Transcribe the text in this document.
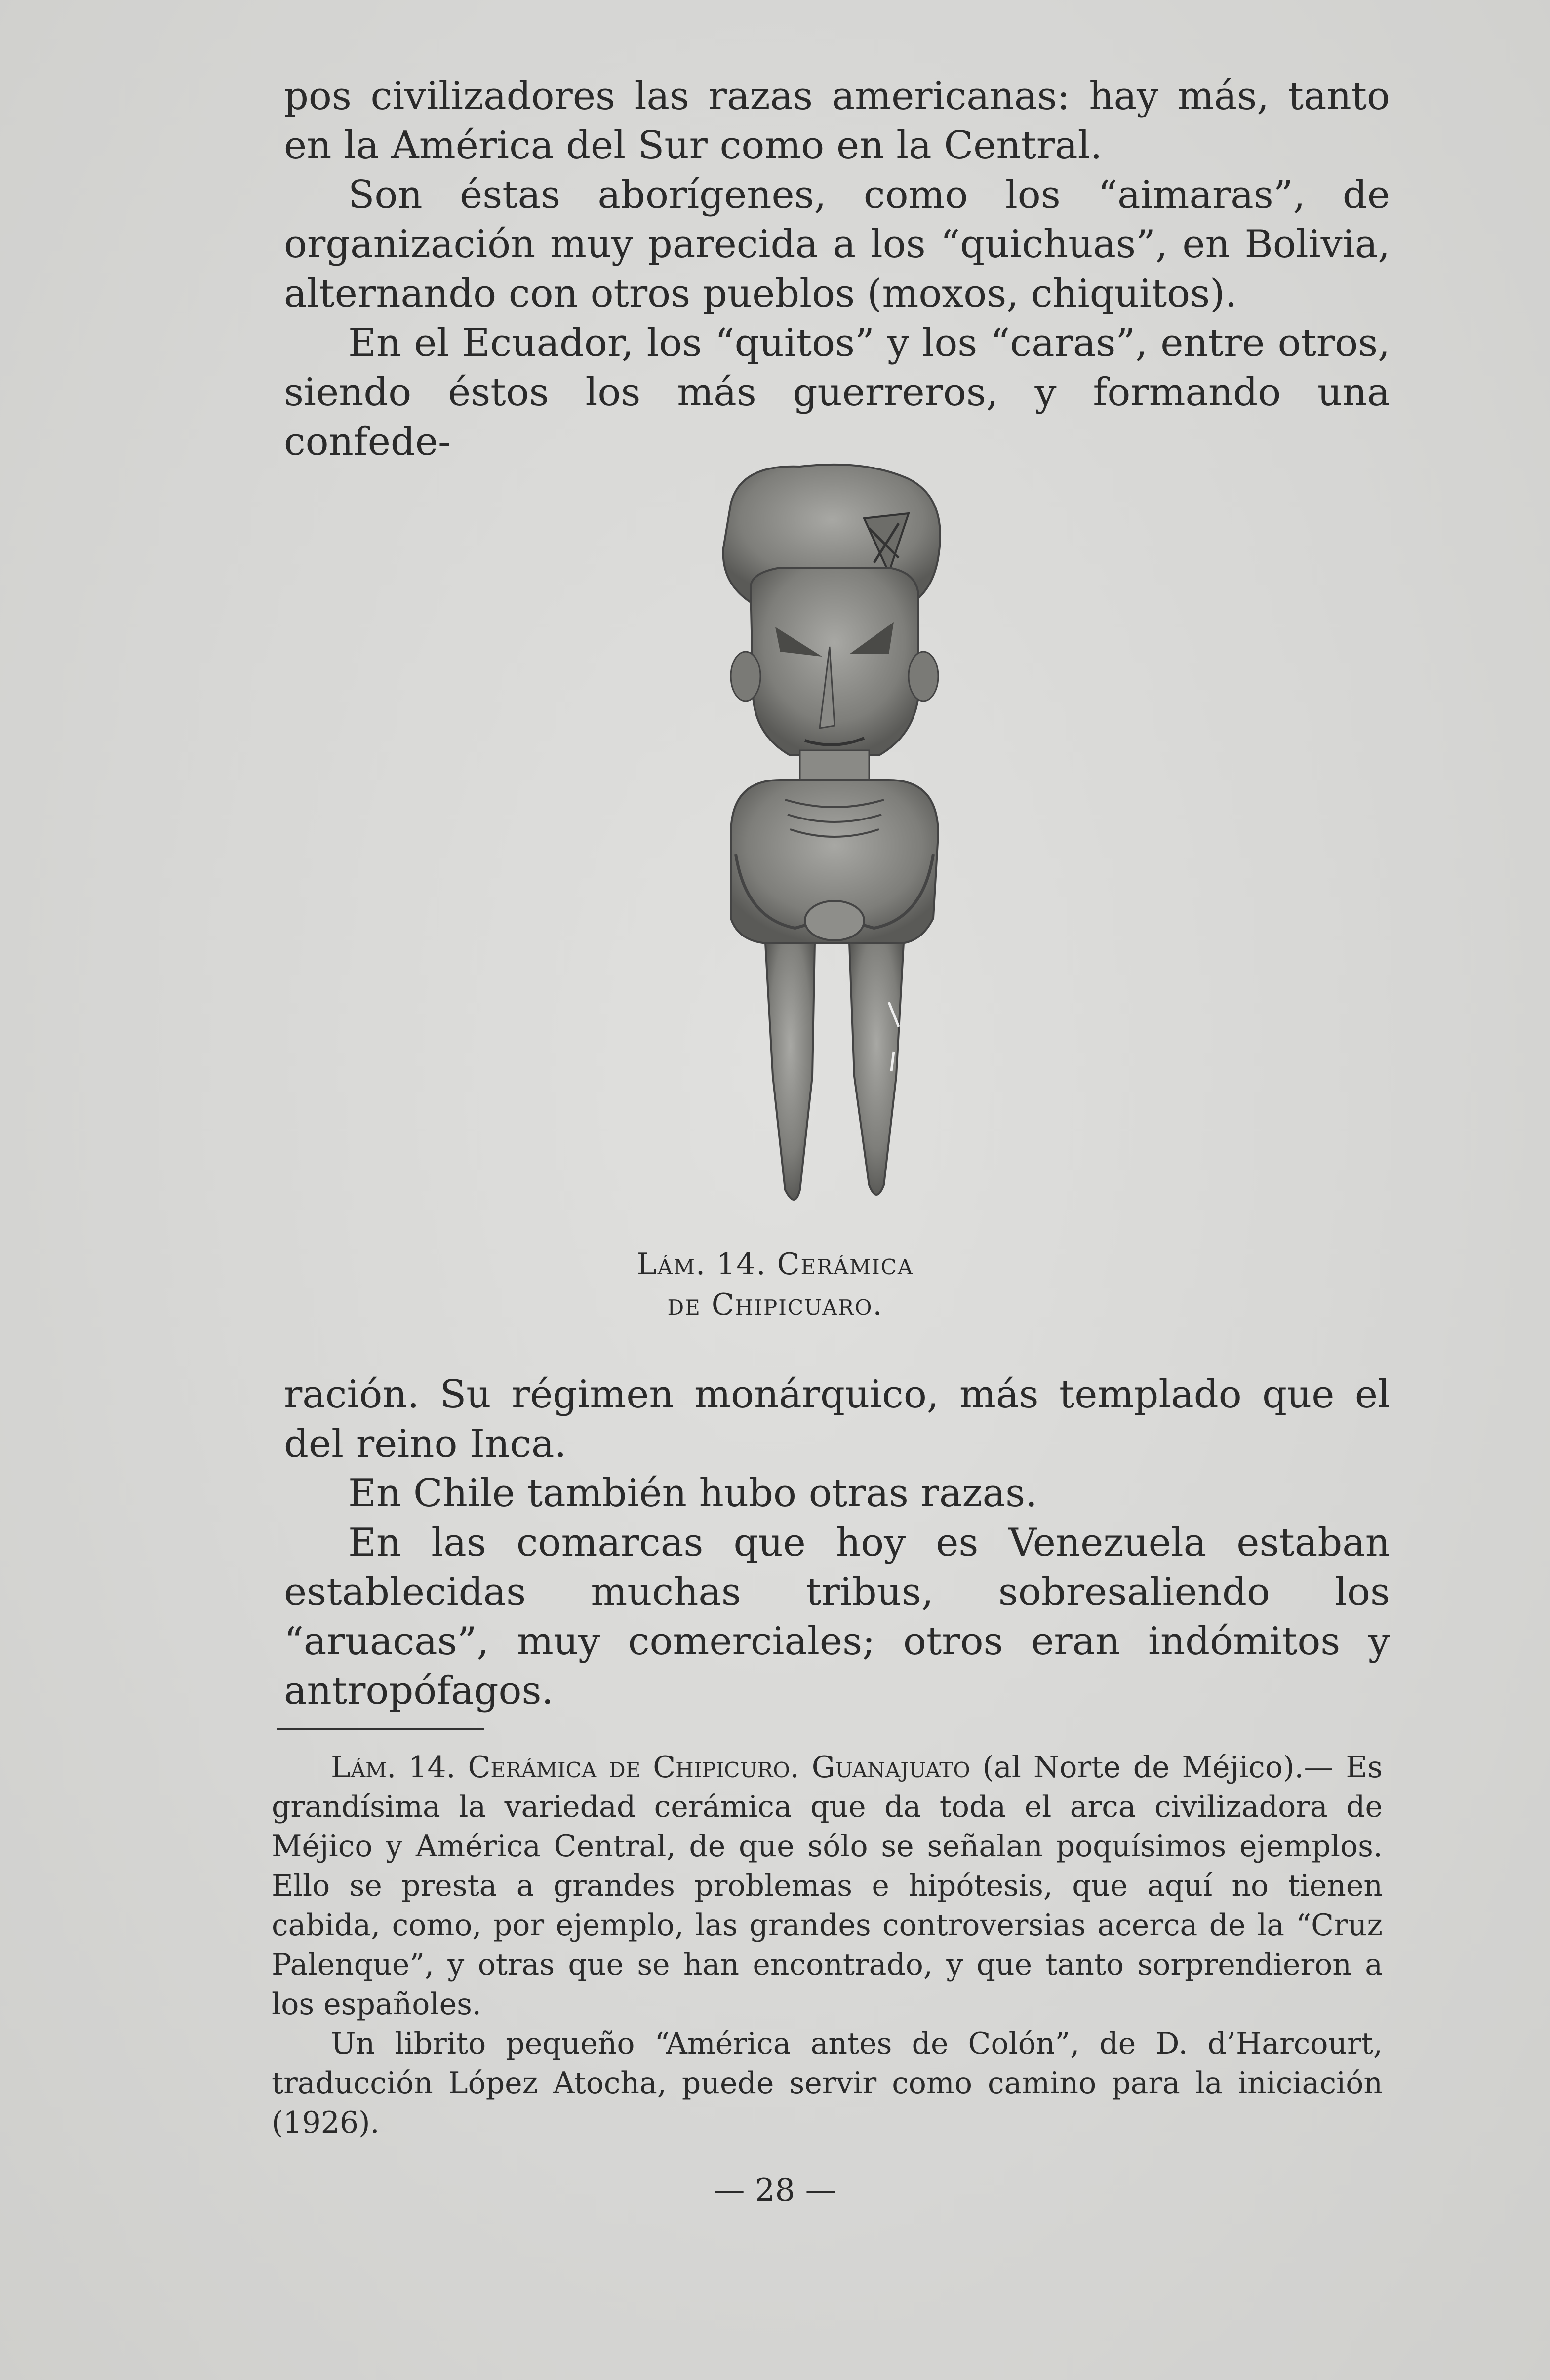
pos civilizadores las razas americanas: hay más, tanto en la América del Sur como en la Central.

Son éstas aborígenes, como los “aimaras”, de organización muy parecida a los “quichuas”, en Bolivia, alternando con otros pueblos (moxos, chiquitos).

En el Ecuador, los “quitos” y los “caras”, entre otros, siendo éstos los más guerreros, y formando una confede-

Lám. 14. Cerámica
de Chipicuaro.

ración. Su régimen monárquico, más templado que el del reino Inca.

En Chile también hubo otras razas.

En las comarcas que hoy es Venezuela estaban establecidas muchas tribus, sobresaliendo los “aruacas”, muy comerciales; otros eran indómitos y antropófagos.

Lám. 14. Cerámica de Chipicuro. Guanajuato (al Norte de Méjico).— Es grandísima la variedad cerámica que da toda el arca civilizadora de Méjico y América Central, de que sólo se señalan poquísimos ejemplos. Ello se presta a grandes problemas e hipótesis, que aquí no tienen cabida, como, por ejemplo, las grandes controversias acerca de la “Cruz Palenque”, y otras que se han encontrado, y que tanto sorprendieron a los españoles.

Un librito pequeño “América antes de Colón”, de D. d’Harcourt, traducción López Atocha, puede servir como camino para la iniciación (1926).

— 28 —
